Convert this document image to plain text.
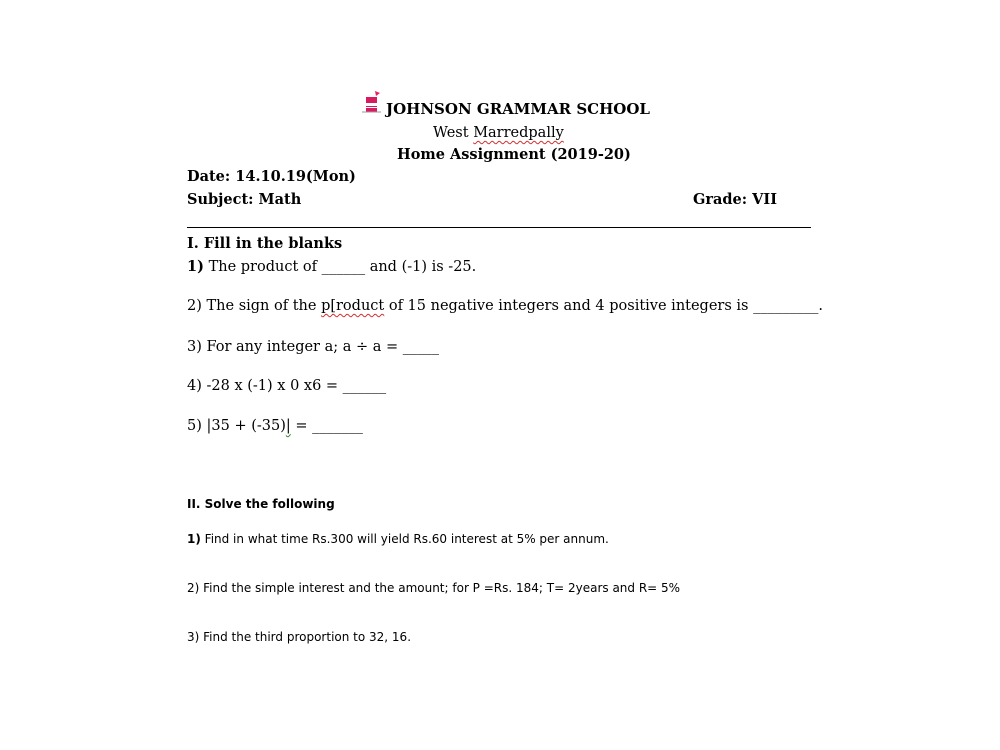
JOHNSON GRAMMAR SCHOOL
West Marredpally
Home Assignment (2019-20)
Date: 14.10.19(Mon)
Subject: Math	Grade: VII
I. Fill in the blanks
1) The product of ______ and (-1) is -25.
2) The sign of the p[roduct of 15 negative integers and 4 positive integers is _________.
3) For any integer a; a ÷ a = _____
4) -28 x (-1) x 0 x6 = ______
5) |35 + (-35)| = _______
II. Solve the following
1) Find in what time Rs.300 will yield Rs.60 interest at 5% per annum.
2) Find the simple interest and the amount; for P =Rs. 184; T= 2years and R= 5%
3) Find the third proportion to 32, 16.
